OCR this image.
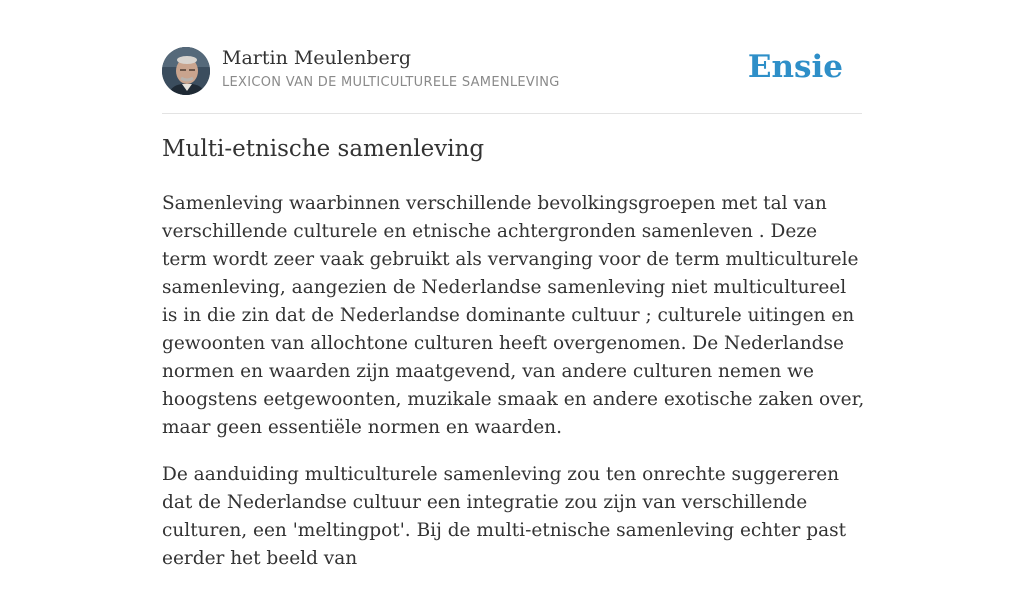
Martin Meulenberg
LEXICON VAN DE MULTICULTURELE SAMENLEVING	Ensie
Multi-etnische samenleving

Samenleving waarbinnen verschillende bevolkingsgroepen met tal van verschillende culturele en etnische achtergronden samenleven . Deze term wordt zeer vaak gebruikt als vervanging voor de term multiculturele samenleving, aangezien de Nederlandse samenleving niet multicultureel is in die zin dat de Nederlandse dominante cultuur ; culturele uitingen en gewoonten van allochtone culturen heeft overgenomen. De Nederlandse normen en waarden zijn maatgevend, van andere culturen nemen we hoogstens eetgewoonten, muzikale smaak en andere exotische zaken over, maar geen essentiële normen en waarden.

De aanduiding multiculturele samenleving zou ten onrechte suggereren dat de Nederlandse cultuur een integratie zou zijn van verschillende culturen, een 'meltingpot'. Bij de multi-etnische samenleving echter past eerder het beeld van
